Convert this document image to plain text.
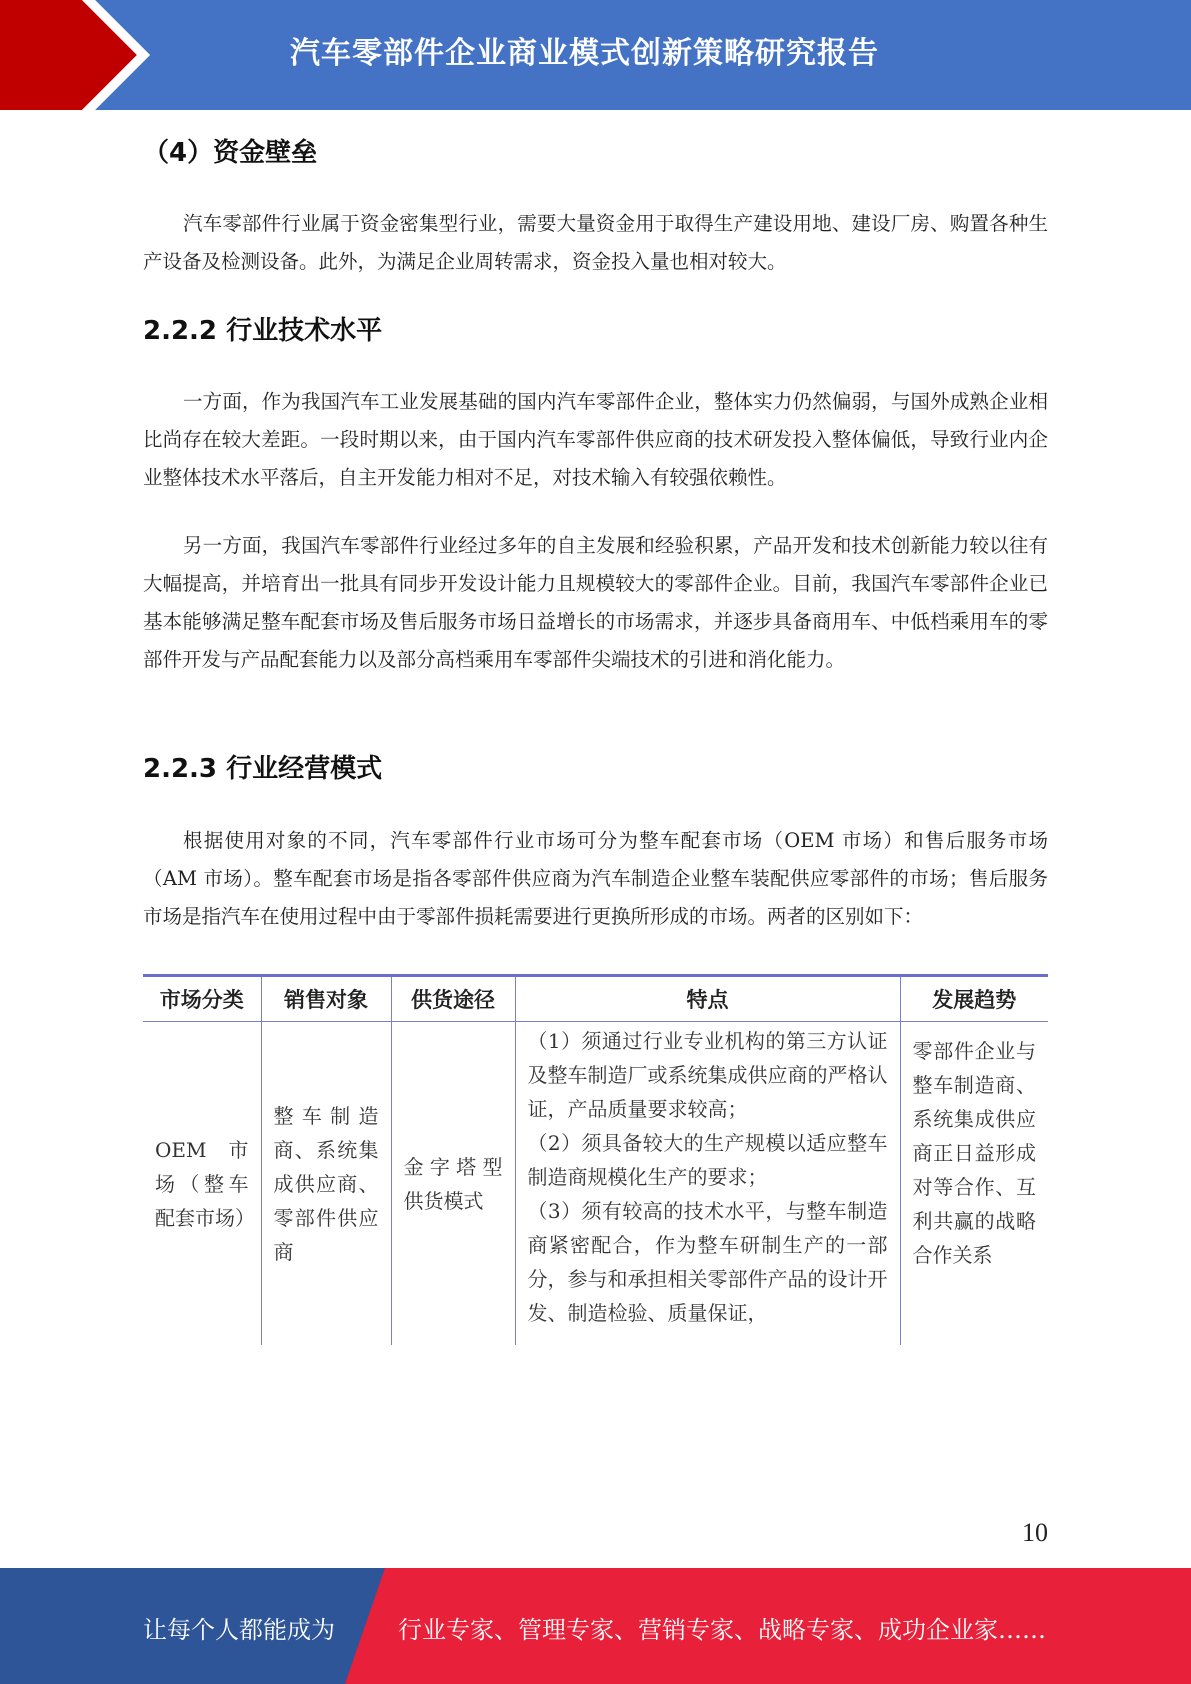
汽车零部件企业商业模式创新策略研究报告
（4）资金壁垒
汽车零部件行业属于资金密集型行业，需要大量资金用于取得生产建设用地、建设厂房、购置各种生产设备及检测设备。此外，为满足企业周转需求，资金投入量也相对较大。
2.2.2 行业技术水平
一方面，作为我国汽车工业发展基础的国内汽车零部件企业，整体实力仍然偏弱，与国外成熟企业相比尚存在较大差距。一段时期以来，由于国内汽车零部件供应商的技术研发投入整体偏低，导致行业内企业整体技术水平落后，自主开发能力相对不足，对技术输入有较强依赖性。
另一方面，我国汽车零部件行业经过多年的自主发展和经验积累，产品开发和技术创新能力较以往有大幅提高，并培育出一批具有同步开发设计能力且规模较大的零部件企业。目前，我国汽车零部件企业已基本能够满足整车配套市场及售后服务市场日益增长的市场需求，并逐步具备商用车、中低档乘用车的零部件开发与产品配套能力以及部分高档乘用车零部件尖端技术的引进和消化能力。
2.2.3 行业经营模式
根据使用对象的不同，汽车零部件行业市场可分为整车配套市场（OEM 市场）和售后服务市场（AM 市场）。整车配套市场是指各零部件供应商为汽车制造企业整车装配供应零部件的市场；售后服务市场是指汽车在使用过程中由于零部件损耗需要进行更换所形成的市场。两者的区别如下：
市场分类	销售对象	供货途径	特点	发展趋势
OEM 市场（整车配套市场）	整车制造商、系统集成供应商、零部件供应商	金字塔型供货模式	（1）须通过行业专业机构的第三方认证及整车制造厂或系统集成供应商的严格认证，产品质量要求较高；
（2）须具备较大的生产规模以适应整车制造商规模化生产的要求；
（3）须有较高的技术水平，与整车制造商紧密配合，作为整车研制生产的一部分，参与和承担相关零部件产品的设计开发、制造检验、质量保证，	零部件企业与整车制造商、系统集成供应商正日益形成对等合作、互利共赢的战略合作关系
10
让每个人都能成为	行业专家、管理专家、营销专家、战略专家、成功企业家……
